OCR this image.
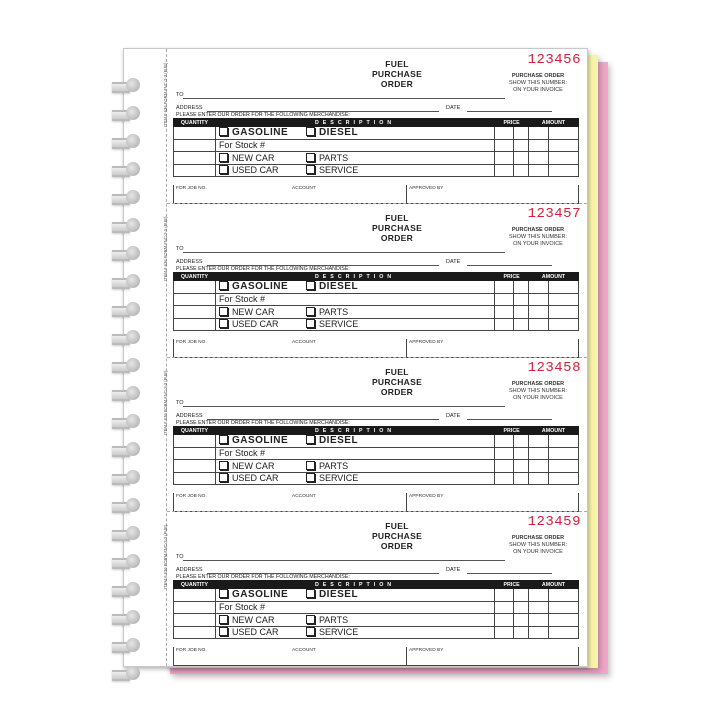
FUEL
PURCHASE
ORDER
123456
PURCHASE ORDER
SHOW THIS NUMBER:
ON YOUR INVOICE
TO
ADDRESS	DATE
PLEASE ENTER OUR ORDER FOR THE FOLLOWING MERCHANDISE:
ITEM # 636 FORM #NC-2-3 (FUE) QUANTITY	DESCRIPTION	PRICE		AMOUNT	
	GASOLINE DIESEL				

	For Stock #				
	NEW CAR PARTS				

	USED CAR SERVICE				

FOR JOB NO.	ACCOUNT	APPROVED BY
FUEL
PURCHASE
ORDER
123457
PURCHASE ORDER
SHOW THIS NUMBER:
ON YOUR INVOICE
TO
ADDRESS	DATE
PLEASE ENTER OUR ORDER FOR THE FOLLOWING MERCHANDISE:
ITEM # 636 FORM #NC-2-3 (FUE) QUANTITY	DESCRIPTION	PRICE		AMOUNT	
	GASOLINE DIESEL				

	For Stock #				
	NEW CAR PARTS				

	USED CAR SERVICE				

FOR JOB NO.	ACCOUNT	APPROVED BY
FUEL
PURCHASE
ORDER
123458
PURCHASE ORDER
SHOW THIS NUMBER:
ON YOUR INVOICE
TO
ADDRESS	DATE
PLEASE ENTER OUR ORDER FOR THE FOLLOWING MERCHANDISE:
ITEM # 636 FORM #NC-2-3 (FUE) QUANTITY	DESCRIPTION	PRICE		AMOUNT	
	GASOLINE DIESEL				

	For Stock #				
	NEW CAR PARTS				

	USED CAR SERVICE				

FOR JOB NO.	ACCOUNT	APPROVED BY
FUEL
PURCHASE
ORDER
123459
PURCHASE ORDER
SHOW THIS NUMBER:
ON YOUR INVOICE
TO
ADDRESS	DATE
PLEASE ENTER OUR ORDER FOR THE FOLLOWING MERCHANDISE:
ITEM # 636 FORM #NC-2-3 (FUE) QUANTITY	DESCRIPTION	PRICE		AMOUNT	
	GASOLINE DIESEL				

	For Stock #				
	NEW CAR PARTS				

	USED CAR SERVICE				

FOR JOB NO.	ACCOUNT	APPROVED BY
